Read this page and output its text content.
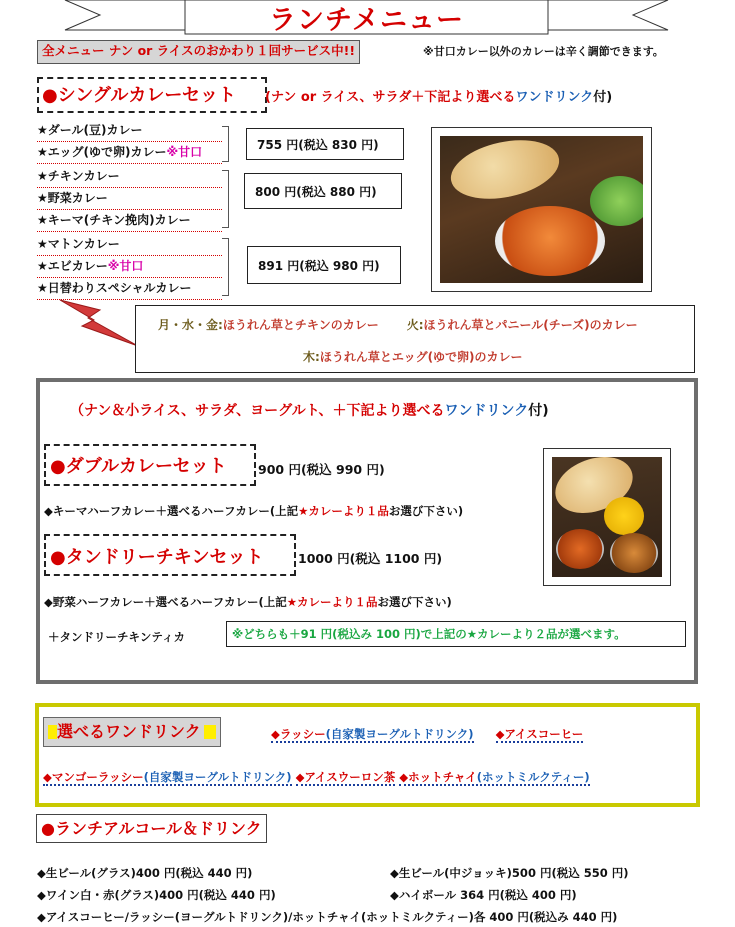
ランチメニュー
全メニュー ナン or ライスのおかわり１回サービス中!!	※甘口カレー以外のカレーは辛く調節できます。
●シングルカレーセット (ナン or ライス、サラダ＋下記より選べるワンドリンク付)
★ダール(豆)カレー
★エッグ(ゆで卵)カレー※甘口
★チキンカレー
★野菜カレー
★キーマ(チキン挽肉)カレー
★マトンカレー
★エビカレー※甘口
★日替わりスペシャルカレー
755 円(税込 830 円)
800 円(税込 880 円)
891 円(税込 980 円)
月・水・金:ほうれん草とチキンのカレー 火:ほうれん草とパニール(チーズ)のカレー
木:ほうれん草とエッグ(ゆで卵)のカレー
（ナン＆小ライス、サラダ、ヨーグルト、＋下記より選べるワンドリンク付)
●ダブルカレーセット	900 円(税込 990 円)
◆キーマハーフカレー＋選べるハーフカレー(上記★カレーより１品お選び下さい)
●タンドリーチキンセット	1000 円(税込 1100 円)
◆野菜ハーフカレー＋選べるハーフカレー(上記★カレーより１品お選び下さい)
＋タンドリーチキンティカ	※どちらも＋91 円(税込み 100 円)で上記の★カレーより２品が選べます。
選べるワンドリンク	◆ラッシー(自家製ヨーグルトドリンク) ◆アイスコーヒー
◆マンゴーラッシー(自家製ヨーグルトドリンク) ◆アイスウーロン茶 ◆ホットチャイ(ホットミルクティー)
●ランチアルコール＆ドリンク
◆生ビール(グラス)400 円(税込 440 円)	◆生ビール(中ジョッキ)500 円(税込 550 円)
◆ワイン白・赤(グラス)400 円(税込 440 円)	◆ハイボール 364 円(税込 400 円)
◆アイスコーヒー/ラッシー(ヨーグルトドリンク)/ホットチャイ(ホットミルクティー)各 400 円(税込み 440 円)
